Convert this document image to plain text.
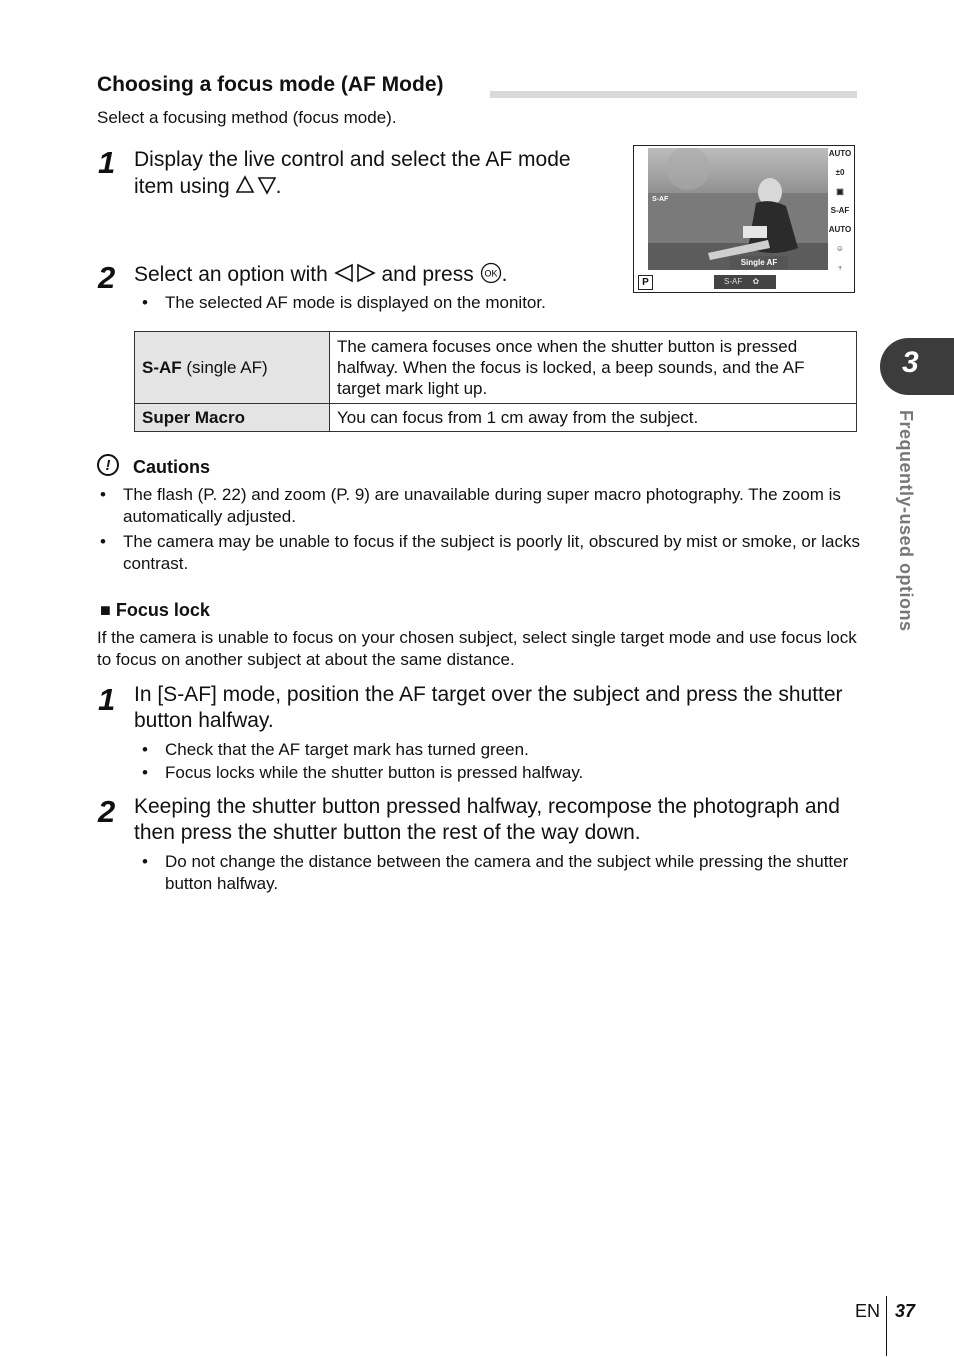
Choosing a focus mode (AF Mode)
Select a focusing method (focus mode).
1 Display the live control and select the AF mode item using .
2 Select an option with	and press OK .
• The selected AF mode is displayed on the monitor.
S-AF
Single AF
AUTO
±0
▣
S-AF
AUTO
☺
♆
P	S-AF ✿
S-AF (single AF)	The camera focuses once when the shutter button is pressed halfway. When the focus is locked, a beep sounds, and the AF target mark light up.
Super Macro	You can focus from 1 cm away from the subject.
!	Cautions
• The flash (P. 22) and zoom (P. 9) are unavailable during super macro photography. The zoom is automatically adjusted.
• The camera may be unable to focus if the subject is poorly lit, obscured by mist or smoke, or lacks contrast.
■ Focus lock
If the camera is unable to focus on your chosen subject, select single target mode and use focus lock to focus on another subject at about the same distance.
1 In [S-AF] mode, position the AF target over the subject and press the shutter button halfway.
• Check that the AF target mark has turned green.
• Focus locks while the shutter button is pressed halfway.
2 Keeping the shutter button pressed halfway, recompose the photograph and then press the shutter button the rest of the way down.
• Do not change the distance between the camera and the subject while pressing the shutter button halfway.
3
Frequently-used options
EN 37
